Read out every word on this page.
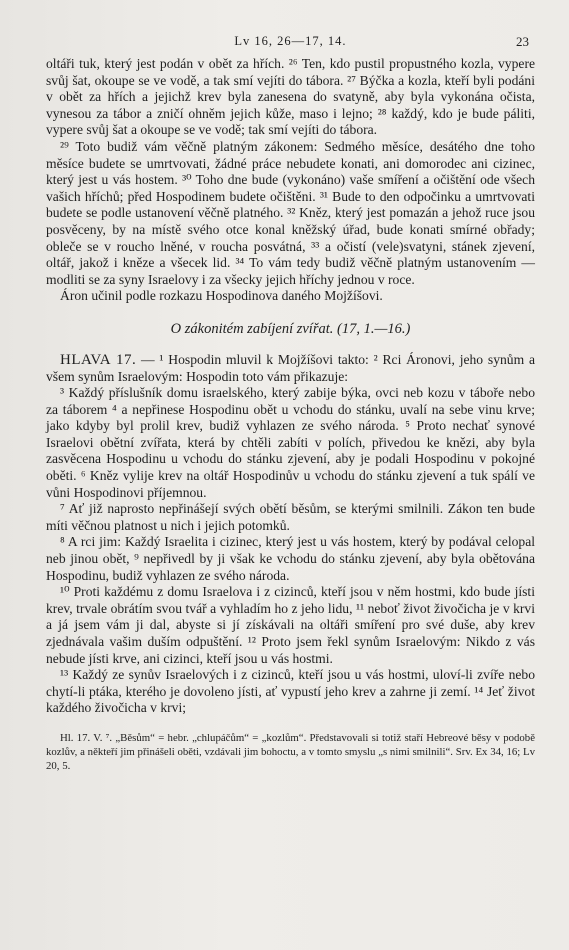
Lv 16, 26—17, 14.	23

oltáři tuk, který jest podán v obět za hřích. ²⁶ Ten, kdo pustil propustného kozla, vypere svůj šat, okoupe se ve vodě, a tak smí vejíti do tábora. ²⁷ Býčka a kozla, kteří byli podáni v obět za hřích a jejichž krev byla zanesena do svatyně, aby byla vykonána očista, vynesou za tábor a zničí ohněm jejich kůže, maso i lejno; ²⁸ každý, kdo je bude páliti, vypere svůj šat a okoupe se ve vodě; tak smí vejíti do tábora.

²⁹ Toto budiž vám věčně platným zákonem: Sedmého měsíce, desátého dne toho měsíce budete se umrtvovati, žádné práce nebudete konati, ani domorodec ani cizinec, který jest u vás hostem. ³⁰ Toho dne bude (vykonáno) vaše smíření a očištění ode všech vašich hříchů; před Hospodinem budete očištěni. ³¹ Bude to den odpočinku a umrtvovati budete se podle ustanovení věčně platného. ³² Kněz, který jest pomazán a jehož ruce jsou posvěceny, by na místě svého otce konal kněžský úřad, bude konati smírné obřady; obleče se v roucho lněné, v roucha posvátná, ³³ a očistí (vele)svatyni, stánek zjevení, oltář, jakož i kněze a všecek lid. ³⁴ To vám tedy budiž věčně platným ustanovením — modliti se za syny Israelovy i za všecky jejich hříchy jednou v roce.

Áron učinil podle rozkazu Hospodinova daného Mojžíšovi.

O zákonitém zabíjení zvířat. (17, 1.—16.)

HLAVA 17. — ¹ Hospodin mluvil k Mojžíšovi takto: ² Rci Áronovi, jeho synům a všem synům Israelovým: Hospodin toto vám přikazuje:

³ Každý příslušník domu israelského, který zabije býka, ovci neb kozu v táboře nebo za táborem ⁴ a nepřinese Hospodinu obět u vchodu do stánku, uvalí na sebe vinu krve; jako kdyby byl prolil krev, budiž vyhlazen ze svého národa. ⁵ Proto nechať synové Israelovi obětní zvířata, která by chtěli zabíti v polích, přivedou ke knězi, aby byla zasvěcena Hospodinu u vchodu do stánku zjevení, aby je podali Hospodinu v pokojné oběti. ⁶ Kněz vylije krev na oltář Hospodinův u vchodu do stánku zjevení a tuk spálí ve vůni Hospodinovi příjemnou.

⁷ Ať již naprosto nepřinášejí svých obětí běsům, se kterými smilnili. Zákon ten bude míti věčnou platnost u nich i jejich potomků.

⁸ A rci jim: Každý Israelita i cizinec, který jest u vás hostem, který by podával celopal neb jinou obět, ⁹ nepřivedl by ji však ke vchodu do stánku zjevení, aby byla obětována Hospodinu, budiž vyhlazen ze svého národa.

¹⁰ Proti každému z domu Israelova i z cizinců, kteří jsou v něm hostmi, kdo bude jísti krev, trvale obrátím svou tvář a vyhladím ho z jeho lidu, ¹¹ neboť život živočicha je v krvi a já jsem vám ji dal, abyste si jí získávali na oltáři smíření pro své duše, aby krev zjednávala vašim duším odpuštění. ¹² Proto jsem řekl synům Israelovým: Nikdo z vás nebude jísti krve, ani cizinci, kteří jsou u vás hostmi.

¹³ Každý ze synův Israelových i z cizinců, kteří jsou u vás hostmi, uloví-li zvíře nebo chytí-li ptáka, kterého je dovoleno jísti, ať vypustí jeho krev a zahrne ji zemí. ¹⁴ Jeť život každého živočicha v krvi;

Hl. 17. V. ⁷. „Běsům“ = hebr. „chlupáčům“ = „kozlům“. Představovali si totiž staří Hebreové běsy v podobě kozlův, a někteří jim přinášeli oběti, vzdávali jim bohoctu, a v tomto smyslu „s nimi smilnili“. Srv. Ex 34, 16; Lv 20, 5.
